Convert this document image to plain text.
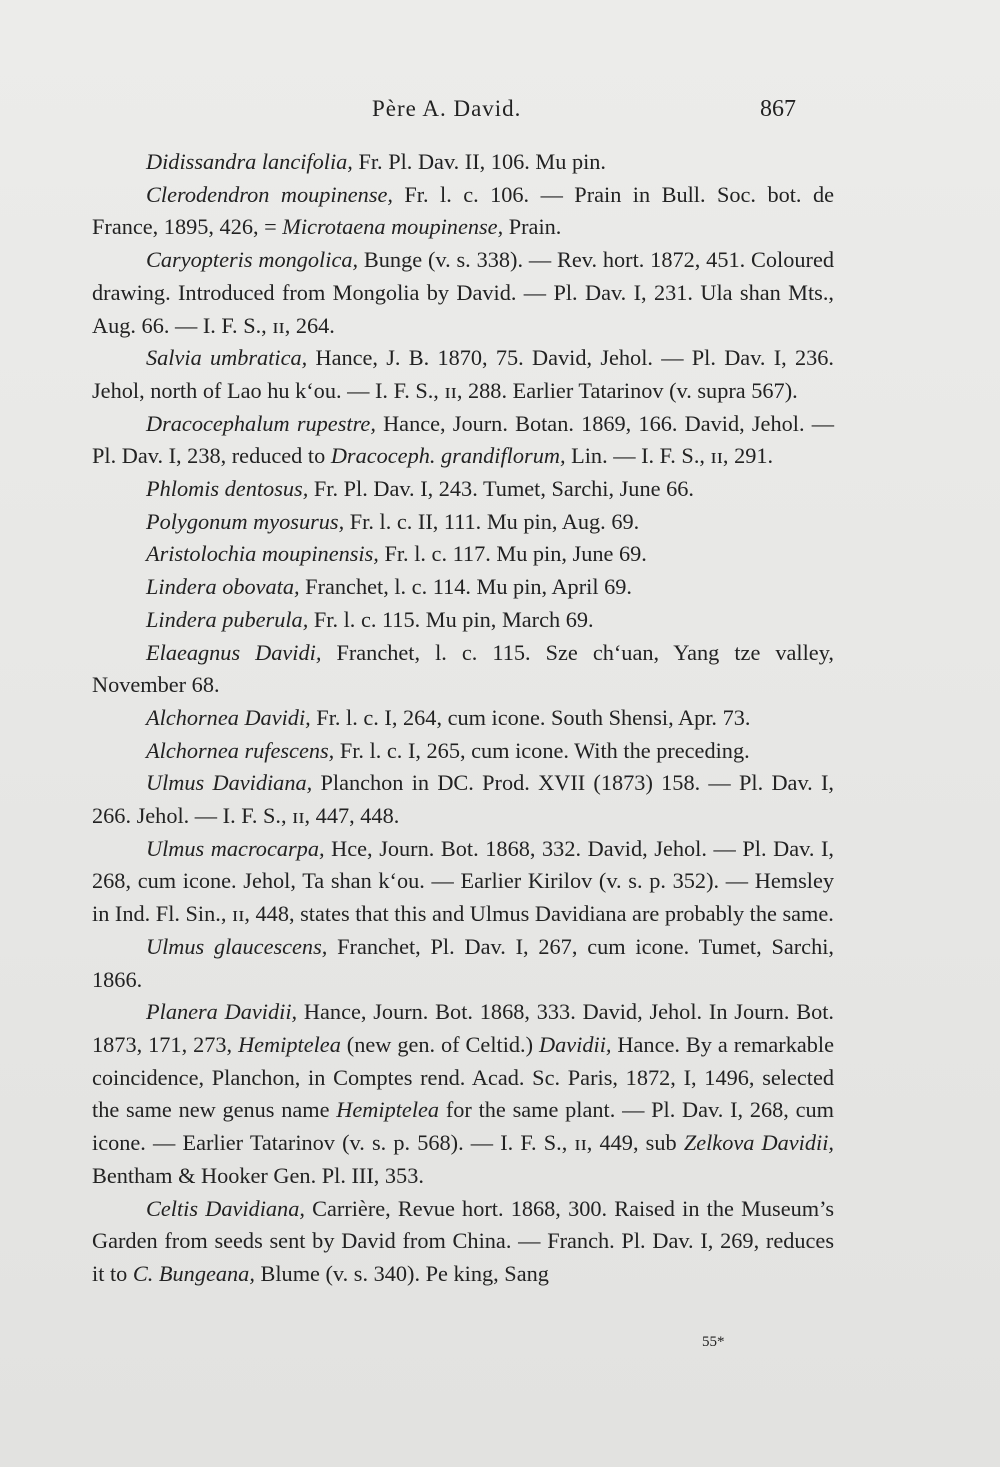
Père A. David.	867

Didissandra lancifolia, Fr. Pl. Dav. II, 106. Mu pin.

Clerodendron moupinense, Fr. l. c. 106. — Prain in Bull. Soc. bot. de France, 1895, 426, = Microtaena moupinense, Prain.

Caryopteris mongolica, Bunge (v. s. 338). — Rev. hort. 1872, 451. Coloured drawing. Introduced from Mongolia by David. — Pl. Dav. I, 231. Ula shan Mts., Aug. 66. — I. F. S., ɪɪ, 264.

Salvia umbratica, Hance, J. B. 1870, 75. David, Jehol. — Pl. Dav. I, 236. Jehol, north of Lao hu k‘ou. — I. F. S., ɪɪ, 288. Earlier Tatarinov (v. supra 567).

Dracocephalum rupestre, Hance, Journ. Botan. 1869, 166. David, Jehol. — Pl. Dav. I, 238, reduced to Dracoceph. grandiflorum, Lin. — I. F. S., ɪɪ, 291.

Phlomis dentosus, Fr. Pl. Dav. I, 243. Tumet, Sarchi, June 66.

Polygonum myosurus, Fr. l. c. II, 111. Mu pin, Aug. 69.

Aristolochia moupinensis, Fr. l. c. 117. Mu pin, June 69.

Lindera obovata, Franchet, l. c. 114. Mu pin, April 69.

Lindera puberula, Fr. l. c. 115. Mu pin, March 69.

Elaeagnus Davidi, Franchet, l. c. 115. Sze ch‘uan, Yang tze valley, November 68.

Alchornea Davidi, Fr. l. c. I, 264, cum icone. South Shensi, Apr. 73.

Alchornea rufescens, Fr. l. c. I, 265, cum icone. With the preceding.

Ulmus Davidiana, Planchon in DC. Prod. XVII (1873) 158. — Pl. Dav. I, 266. Jehol. — I. F. S., ɪɪ, 447, 448.

Ulmus macrocarpa, Hce, Journ. Bot. 1868, 332. David, Jehol. — Pl. Dav. I, 268, cum icone. Jehol, Ta shan k‘ou. — Earlier Kirilov (v. s. p. 352). — Hemsley in Ind. Fl. Sin., ɪɪ, 448, states that this and Ulmus Davidiana are probably the same.

Ulmus glaucescens, Franchet, Pl. Dav. I, 267, cum icone. Tumet, Sarchi, 1866.

Planera Davidii, Hance, Journ. Bot. 1868, 333. David, Jehol. In Journ. Bot. 1873, 171, 273, Hemiptelea (new gen. of Celtid.) Davidii, Hance. By a remarkable coincidence, Planchon, in Comptes rend. Acad. Sc. Paris, 1872, I, 1496, selected the same new genus name Hemiptelea for the same plant. — Pl. Dav. I, 268, cum icone. — Earlier Tatarinov (v. s. p. 568). — I. F. S., ɪɪ, 449, sub Zelkova Davidii, Bentham & Hooker Gen. Pl. III, 353.

Celtis Davidiana, Carrière, Revue hort. 1868, 300. Raised in the Museum’s Garden from seeds sent by David from China. — Franch. Pl. Dav. I, 269, reduces it to C. Bungeana, Blume (v. s. 340). Pe king, Sang

55*
